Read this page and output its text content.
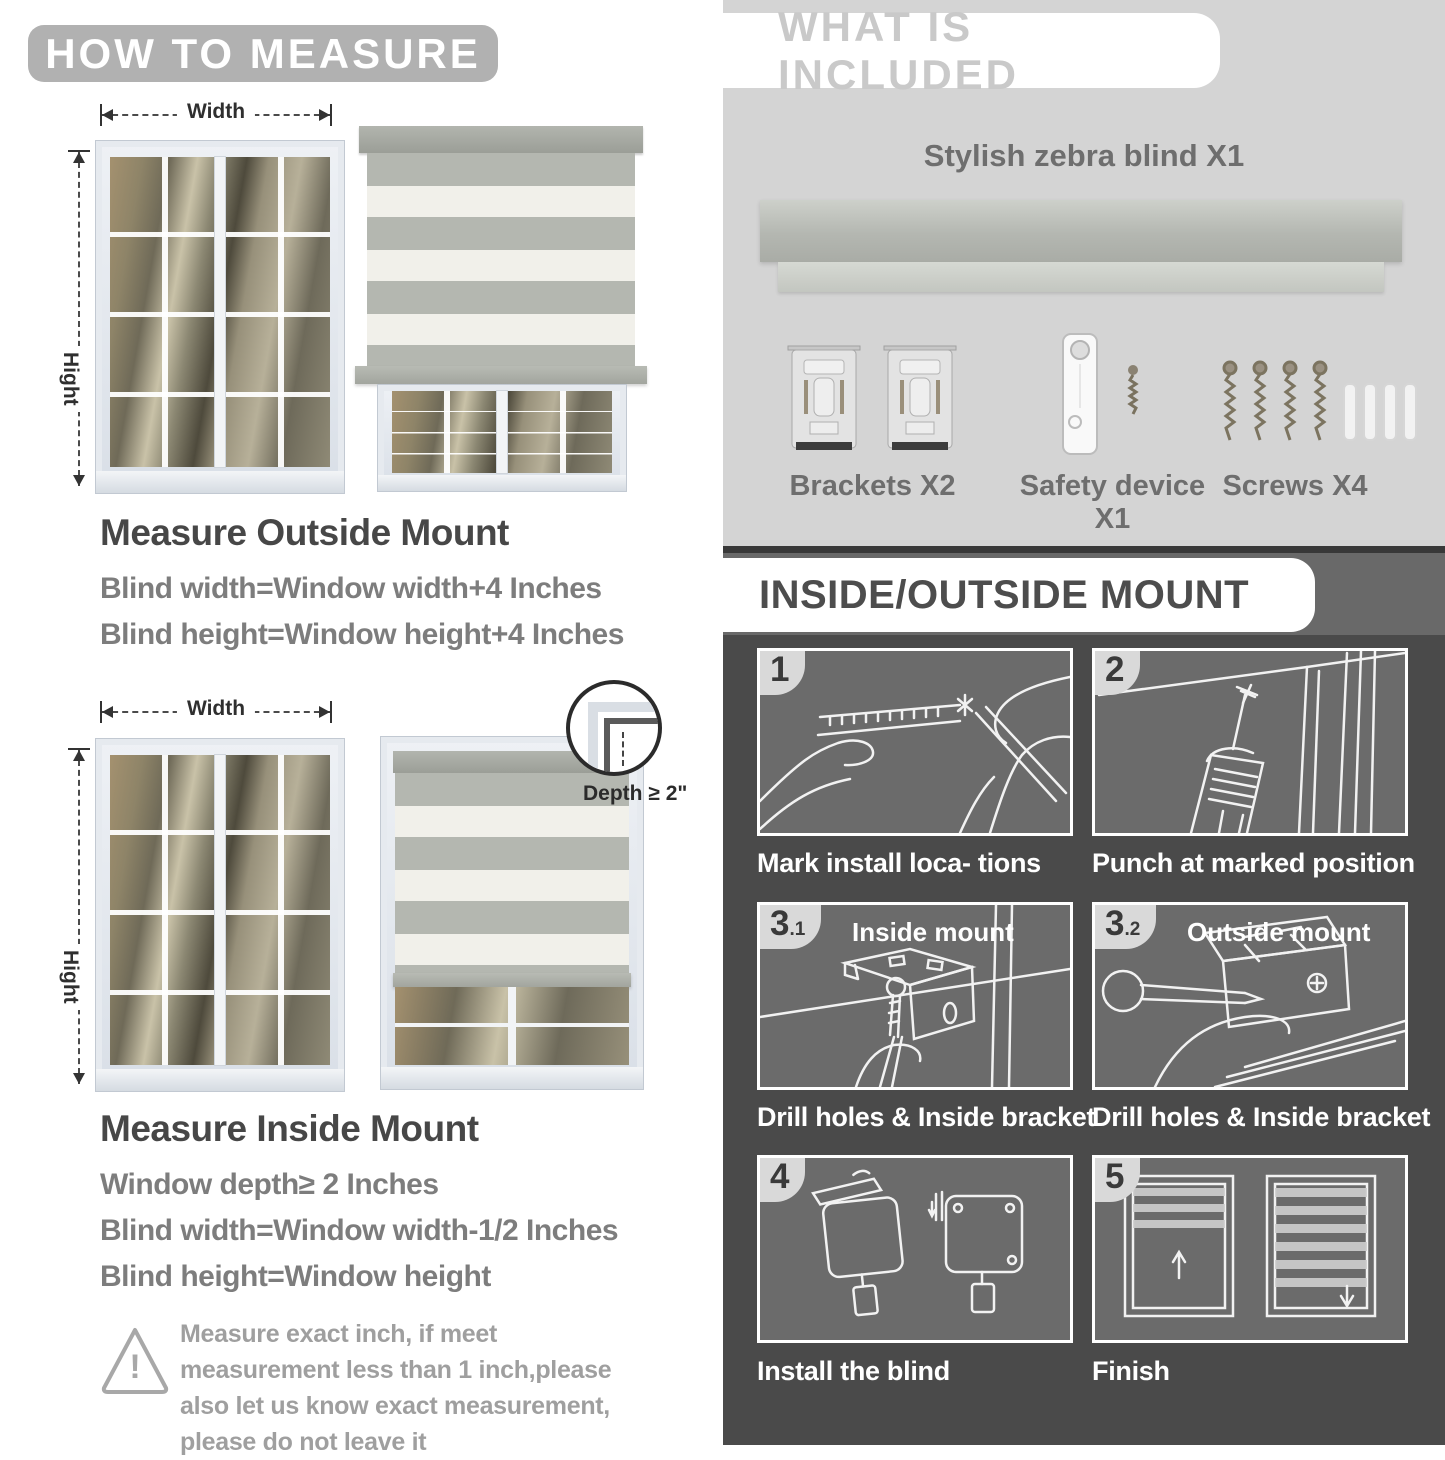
HOW TO MEASURE
Width
Hight
Measure Outside Mount
Blind width=Window width+4 Inches
Blind height=Window height+4 Inches
Width
Hight
Depth ≥ 2"
Measure Inside Mount
Window depth≥ 2 Inches
Blind width=Window width-1/2 Inches
Blind height=Window height
!
Measure exact inch, if meet measurement less than 1 inch,please also let us know exact measurement, please do not leave it
WHAT IS INCLUDED
Stylish zebra blind X1
Brackets X2	Safety device X1
Screws X4
INSIDE/OUTSIDE MOUNT
1
Mark install loca- tions
2
Punch at marked position
3.1	Inside mount
Drill holes & Inside bracket
3.2	Outside mount
Drill holes & Inside bracket
4
Install the blind
5
Finish
